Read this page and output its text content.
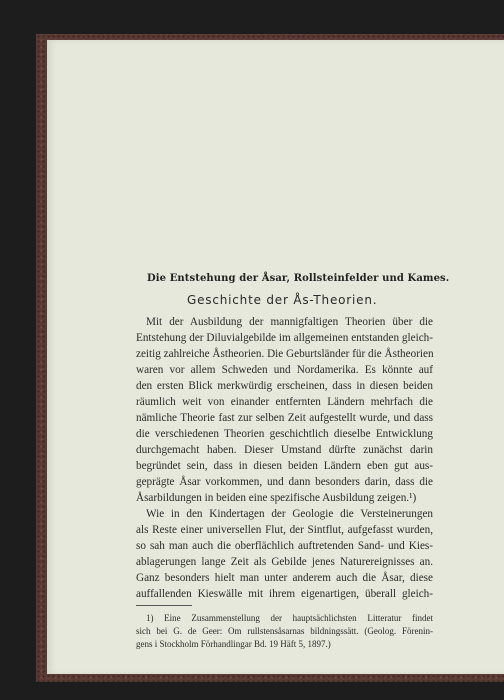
Die Entstehung der Åsar, Rollsteinfelder und Kames.
Geschichte der Ås-Theorien.
Mit der Ausbildung der mannigfaltigen Theorien über die
Entstehung der Diluvialgebilde im allgemeinen entstanden gleich-
zeitig zahlreiche Åstheorien. Die Geburtsländer für die Åstheorien
waren vor allem Schweden und Nordamerika. Es könnte auf
den ersten Blick merkwürdig erscheinen, dass in diesen beiden
räumlich weit von einander entfernten Ländern mehrfach die
nämliche Theorie fast zur selben Zeit aufgestellt wurde, und dass
die verschiedenen Theorien geschichtlich dieselbe Entwicklung
durchgemacht haben. Dieser Umstand dürfte zunächst darin
begründet sein, dass in diesen beiden Ländern eben gut aus-
geprägte Åsar vorkommen, und dann besonders darin, dass die
Åsarbildungen in beiden eine spezifische Ausbildung zeigen.¹)
Wie in den Kindertagen der Geologie die Versteinerungen
als Reste einer universellen Flut, der Sintflut, aufgefasst wurden,
so sah man auch die oberflächlich auftretenden Sand- und Kies-
ablagerungen lange Zeit als Gebilde jenes Naturereignisses an.
Ganz besonders hielt man unter anderem auch die Åsar, diese
auffallenden Kieswälle mit ihrem eigenartigen, überall gleich-
1) Eine Zusammenstellung der hauptsächlichsten Litteratur findet
sich bei G. de Geer: Om rullstensåsarnas bildningssätt. (Geolog. Förenin-
gens i Stockholm Förhandlingar Bd. 19 Häft 5, 1897.)
